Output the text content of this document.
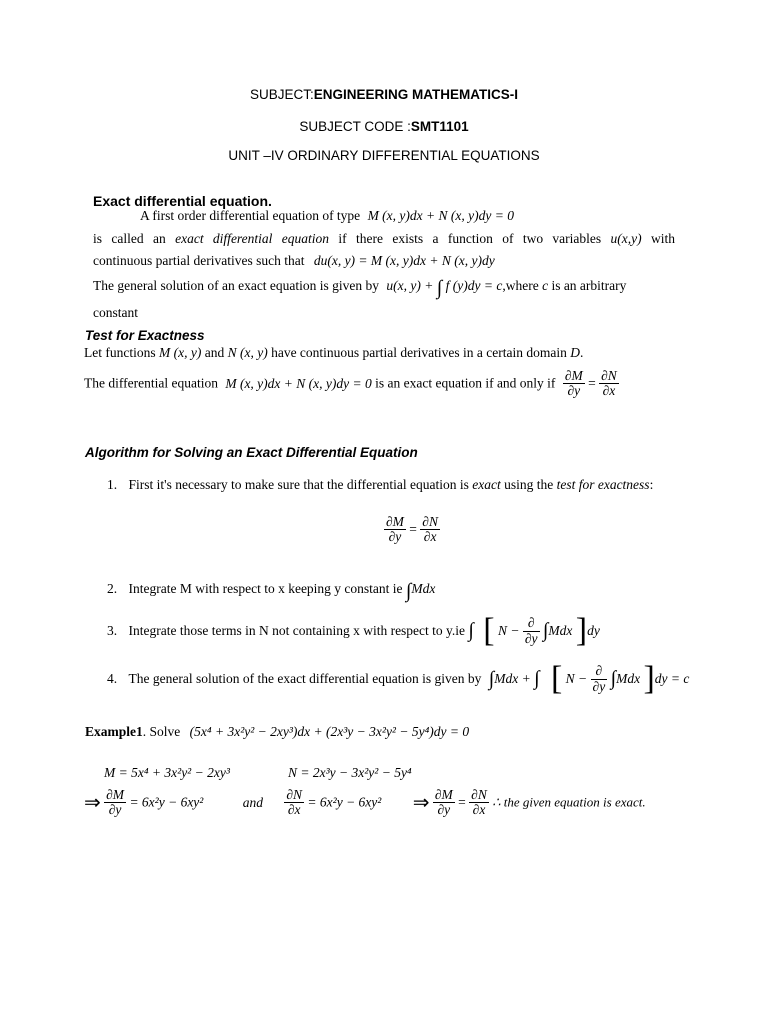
SUBJECT:ENGINEERING MATHEMATICS-I
SUBJECT CODE :SMT1101
UNIT –IV ORDINARY DIFFERENTIAL EQUATIONS
Exact differential equation.
A first order differential equation of type M (x, y)dx + N (x, y)dy = 0
is called an exact differential equation if there exists a function of two variables u(x,y) with
continuous partial derivatives such that du(x, y) = M (x, y)dx + N (x, y)dy
The general solution of an exact equation is given by u(x, y) + ∫ f (y)dy = c,where c is an arbitrary
constant
Test for Exactness
Let functions M (x, y) and N (x, y) have continuous partial derivatives in a certain domain D.
The differential equation M (x, y)dx + N (x, y)dy = 0 is an exact equation if and only if $\frac{\partial M}{\partial y} = \frac{\partial N}{\partial x}$
Algorithm for Solving an Exact Differential Equation
1. First it's necessary to make sure that the differential equation is exact using the test for exactness:
$\frac{\partial M}{\partial y} = \frac{\partial N}{\partial x}$
2. Integrate M with respect to x keeping y constant ie ∫Mdx
3. Integrate those terms in N not containing x with respect to y.ie ∫ [ $N - \frac{\partial}{\partial y} \int Mdx$ ]dy
4. The general solution of the exact differential equation is given by ∫Mdx + ∫ [ $N - \frac{\partial}{\partial y} \int Mdx$ ]dy = c
Example1. Solve (5x⁴ + 3x²y² − 2xy³)dx + (2x³y − 3x²y² − 5y⁴)dy = 0
M = 5x⁴ + 3x²y² − 2xy³	N = 2x³y − 3x²y² − 5y⁴
⇒ $\frac{\partial M}{\partial y} = 6x^2y - 6xy^2$	and $\frac{\partial N}{\partial x} = 6x^2y - 6xy^2$ ⇒ $\frac{\partial M}{\partial y} = \frac{\partial N}{\partial x}$ ∴ the given equation is exact.
